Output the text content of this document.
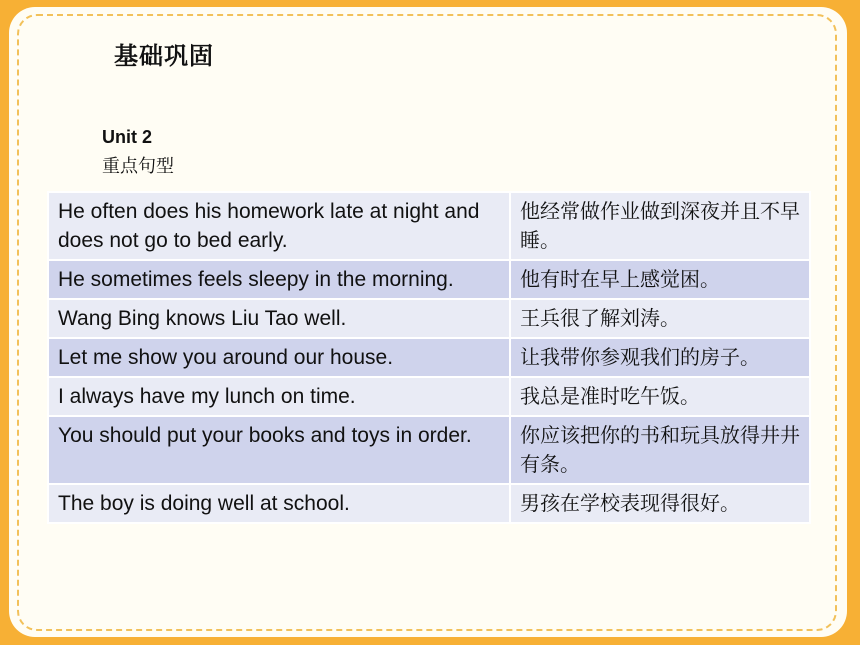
基础巩固
Unit 2
重点句型
He often does his homework late at night and does not go to bed early.	他经常做作业做到深夜并且不早睡。
He sometimes feels sleepy in the morning.	他有时在早上感觉困。
Wang Bing knows Liu Tao well.	王兵很了解刘涛。
Let me show you around our house.	让我带你参观我们的房子。
I always have my lunch on time.	我总是准时吃午饭。
You should put your books and toys in order.	你应该把你的书和玩具放得井井有条。
The boy is doing well at school.	男孩在学校表现得很好。
